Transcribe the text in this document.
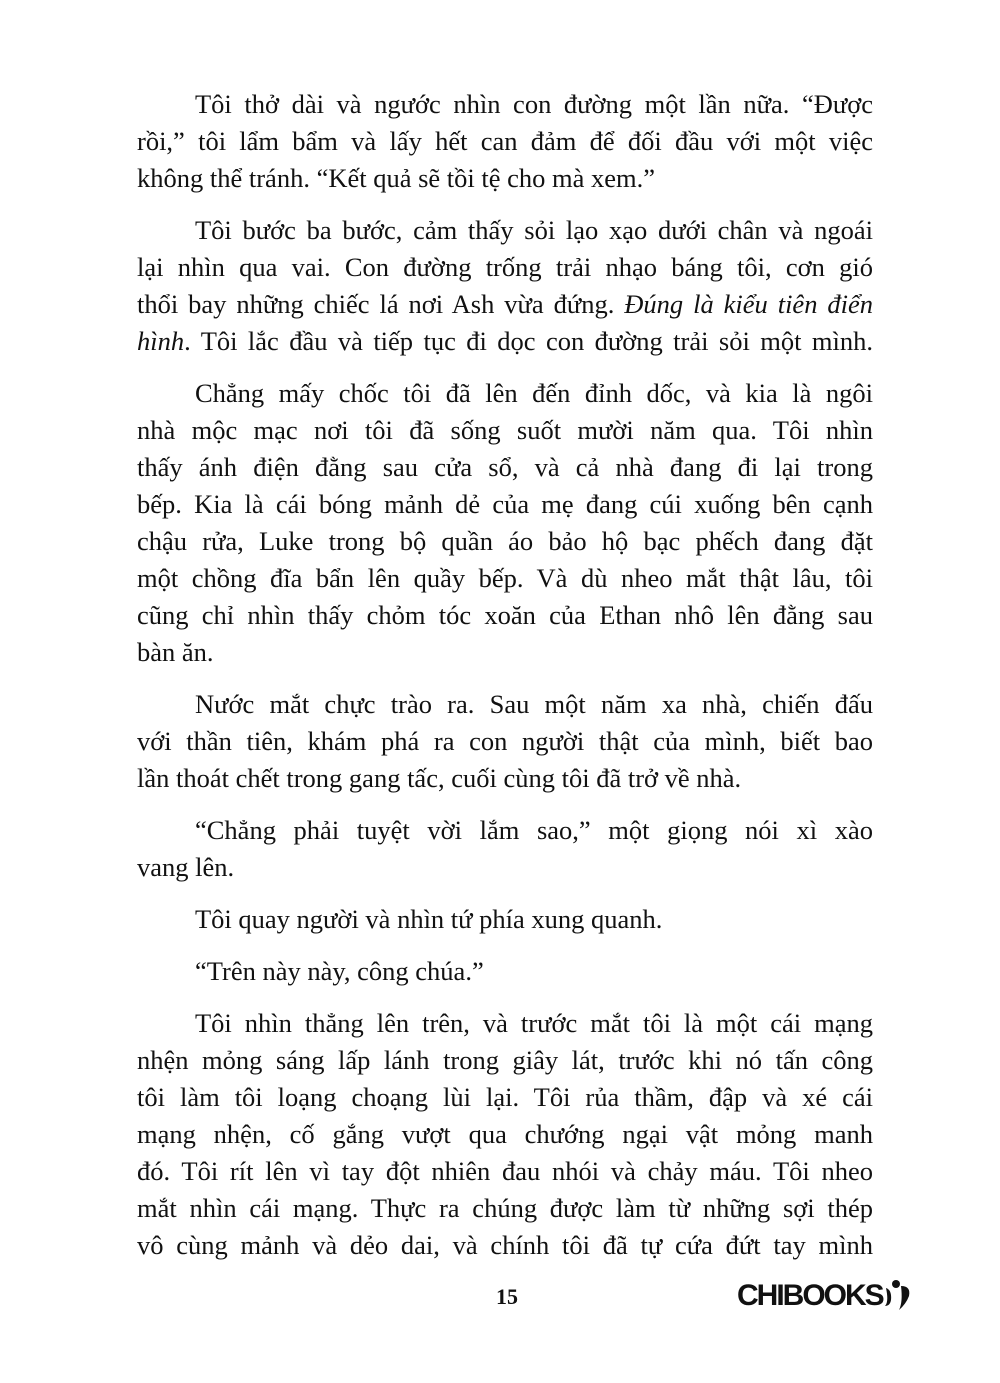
Tôi thở dài và ngước nhìn con đường một lần nữa. “Được
rồi,” tôi lẩm bẩm và lấy hết can đảm để đối đầu với một việc
không thể tránh. “Kết quả sẽ tồi tệ cho mà xem.”
Tôi bước ba bước, cảm thấy sỏi lạo xạo dưới chân và ngoái
lại nhìn qua vai. Con đường trống trải nhạo báng tôi, cơn gió
thổi bay những chiếc lá nơi Ash vừa đứng. Đúng là kiểu tiên điển
hình. Tôi lắc đầu và tiếp tục đi dọc con đường trải sỏi một mình.
Chẳng mấy chốc tôi đã lên đến đỉnh dốc, và kia là ngôi
nhà mộc mạc nơi tôi đã sống suốt mười năm qua. Tôi nhìn
thấy ánh điện đằng sau cửa sổ, và cả nhà đang đi lại trong
bếp. Kia là cái bóng mảnh dẻ của mẹ đang cúi xuống bên cạnh
chậu rửa, Luke trong bộ quần áo bảo hộ bạc phếch đang đặt
một chồng đĩa bẩn lên quầy bếp. Và dù nheo mắt thật lâu, tôi
cũng chỉ nhìn thấy chỏm tóc xoăn của Ethan nhô lên đằng sau
bàn ăn.
Nước mắt chực trào ra. Sau một năm xa nhà, chiến đấu
với thần tiên, khám phá ra con người thật của mình, biết bao
lần thoát chết trong gang tấc, cuối cùng tôi đã trở về nhà.
“Chẳng phải tuyệt vời lắm sao,” một giọng nói xì xào
vang lên.
Tôi quay người và nhìn tứ phía xung quanh.
“Trên này này, công chúa.”
Tôi nhìn thẳng lên trên, và trước mắt tôi là một cái mạng
nhện mỏng sáng lấp lánh trong giây lát, trước khi nó tấn công
tôi làm tôi loạng choạng lùi lại. Tôi rủa thầm, đập và xé cái
mạng nhện, cố gắng vượt qua chướng ngại vật mỏng manh
đó. Tôi rít lên vì tay đột nhiên đau nhói và chảy máu. Tôi nheo
mắt nhìn cái mạng. Thực ra chúng được làm từ những sợi thép
vô cùng mảnh và dẻo dai, và chính tôi đã tự cứa đứt tay mình
15	CHIBOOKS
